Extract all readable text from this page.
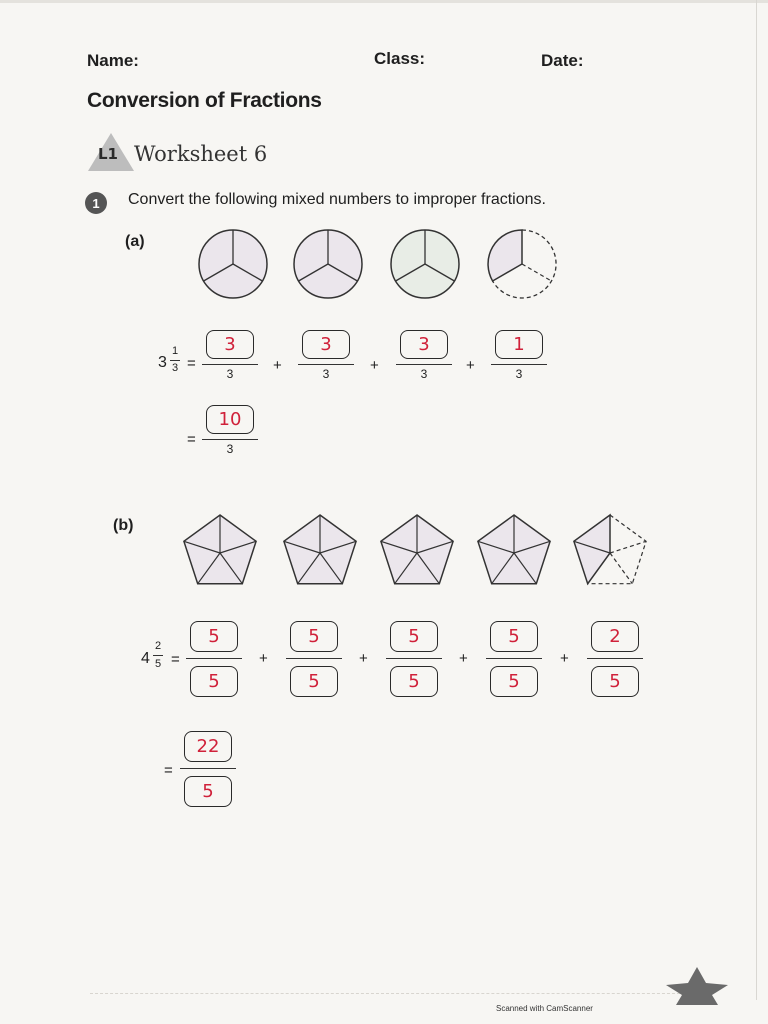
Name:	Class:	Date:
Conversion of Fractions
L1 Worksheet 6
1	Convert the following mixed numbers to improper fractions.
(a)
3
1
3 =
3
3	+
3
3	+
3
3	+
1
3
=
10
3
(b)
4
2
$5 = \frac{5}{5} + \frac{5}{5} + \frac{5}{5} + \frac{5}{5} + \frac{2}{5}$
= $\frac{22}{5}$
Scanned with CamScanner
